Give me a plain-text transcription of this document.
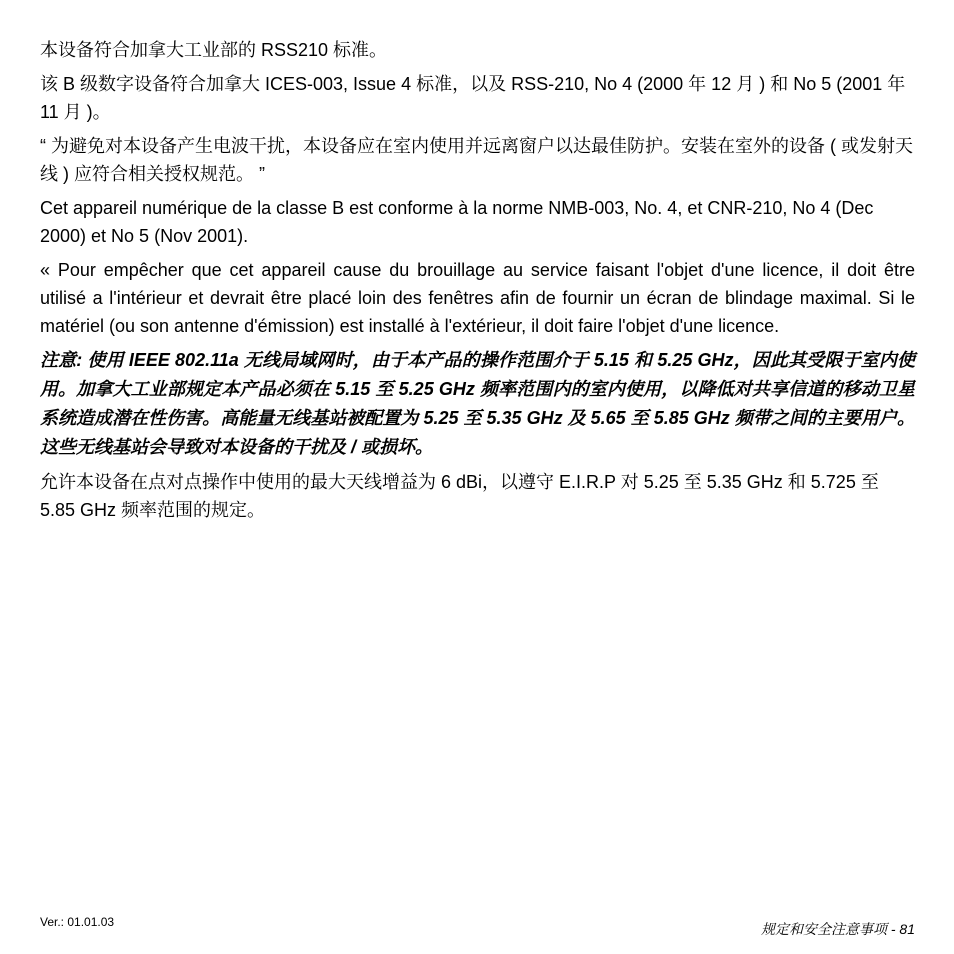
本设备符合加拿大工业部的 RSS210 标准。

该 B 级数字设备符合加拿大 ICES-003, Issue 4 标准，以及 RSS-210, No 4 (2000 年 12 月 ) 和 No 5 (2001 年 11 月 )。

“ 为避免对本设备产生电波干扰，本设备应在室内使用并远离窗户以达最佳防护。安装在室外的设备 ( 或发射天线 ) 应符合相关授权规范。 ”

Cet appareil numérique de la classe B est conforme à la norme NMB-003, No. 4, et CNR-210, No 4 (Dec 2000) et No 5 (Nov 2001).

« Pour empêcher que cet appareil cause du brouillage au service faisant l'objet d'une licence, il doit être utilisé a l'intérieur et devrait être placé loin des fenêtres afin de fournir un écran de blindage maximal. Si le matériel (ou son antenne d'émission) est installé à l'extérieur, il doit faire l'objet d'une licence.

注意: 使用 IEEE 802.11a 无线局域网时，由于本产品的操作范围介于 5.15 和 5.25 GHz，因此其受限于室内使用。加拿大工业部规定本产品必须在 5.15 至 5.25 GHz 频率范围内的室内使用，以降低对共享信道的移动卫星系统造成潜在性伤害。高能量无线基站被配置为 5.25 至 5.35 GHz 及 5.65 至 5.85 GHz 频带之间的主要用户。这些无线基站会导致对本设备的干扰及 / 或损坏。

允许本设备在点对点操作中使用的最大天线增益为 6 dBi，以遵守 E.I.R.P 对 5.25 至 5.35 GHz 和 5.725 至 5.85 GHz 频率范围的规定。

Ver.: 01.01.03	规定和安全注意事项 - 81
